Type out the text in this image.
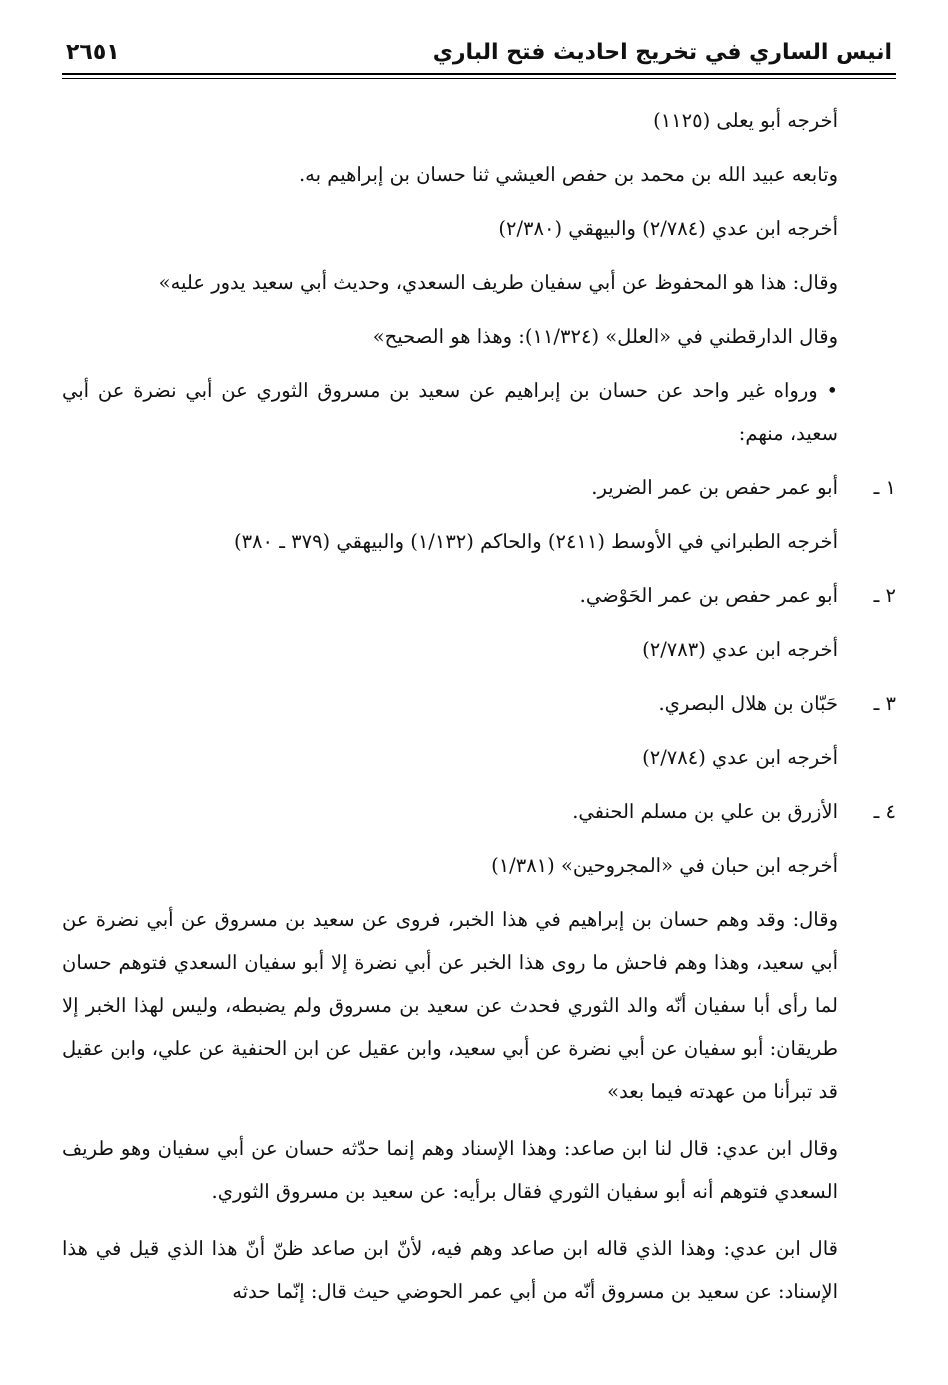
انيس الساري في تخريج احاديث فتح الباري
٢٦٥١
أخرجه أبو يعلى (١١٢٥)
وتابعه عبيد الله بن محمد بن حفص العيشي ثنا حسان بن إبراهيم به.
أخرجه ابن عدي (٢/٧٨٤) والبيهقي (٢/٣٨٠)
وقال: هذا هو المحفوظ عن أبي سفيان طريف السعدي، وحديث أبي سعيد يدور عليه»
وقال الدارقطني في «العلل» (١١/٣٢٤): وهذا هو الصحيح»
• ورواه غير واحد عن حسان بن إبراهيم عن سعيد بن مسروق الثوري عن أبي نضرة عن أبي سعيد، منهم:
١ ـ
أبو عمر حفص بن عمر الضرير.
أخرجه الطبراني في الأوسط (٢٤١١) والحاكم (١/١٣٢) والبيهقي (٣٧٩ ـ ٣٨٠)
٢ ـ
أبو عمر حفص بن عمر الحَوْضي.
أخرجه ابن عدي (٢/٧٨٣)
٣ ـ
حَبّان بن هلال البصري.
أخرجه ابن عدي (٢/٧٨٤)
٤ ـ
الأزرق بن علي بن مسلم الحنفي.
أخرجه ابن حبان في «المجروحين» (١/٣٨١)
وقال: وقد وهم حسان بن إبراهيم في هذا الخبر، فروى عن سعيد بن مسروق عن أبي نضرة عن أبي سعيد، وهذا وهم فاحش ما روى هذا الخبر عن أبي نضرة إلا أبو سفيان السعدي فتوهم حسان لما رأى أبا سفيان أنّه والد الثوري فحدث عن سعيد بن مسروق ولم يضبطه، وليس لهذا الخبر إلا طريقان: أبو سفيان عن أبي نضرة عن أبي سعيد، وابن عقيل عن ابن الحنفية عن علي، وابن عقيل قد تبرأنا من عهدته فيما بعد»
وقال ابن عدي: قال لنا ابن صاعد: وهذا الإسناد وهم إنما حدّثه حسان عن أبي سفيان وهو طريف السعدي فتوهم أنه أبو سفيان الثوري فقال برأيه: عن سعيد بن مسروق الثوري.
قال ابن عدي: وهذا الذي قاله ابن صاعد وهم فيه، لأنّ ابن صاعد ظنّ أنّ هذا الذي قيل في هذا الإسناد: عن سعيد بن مسروق أنّه من أبي عمر الحوضي حيث قال: إنّما حدثه
